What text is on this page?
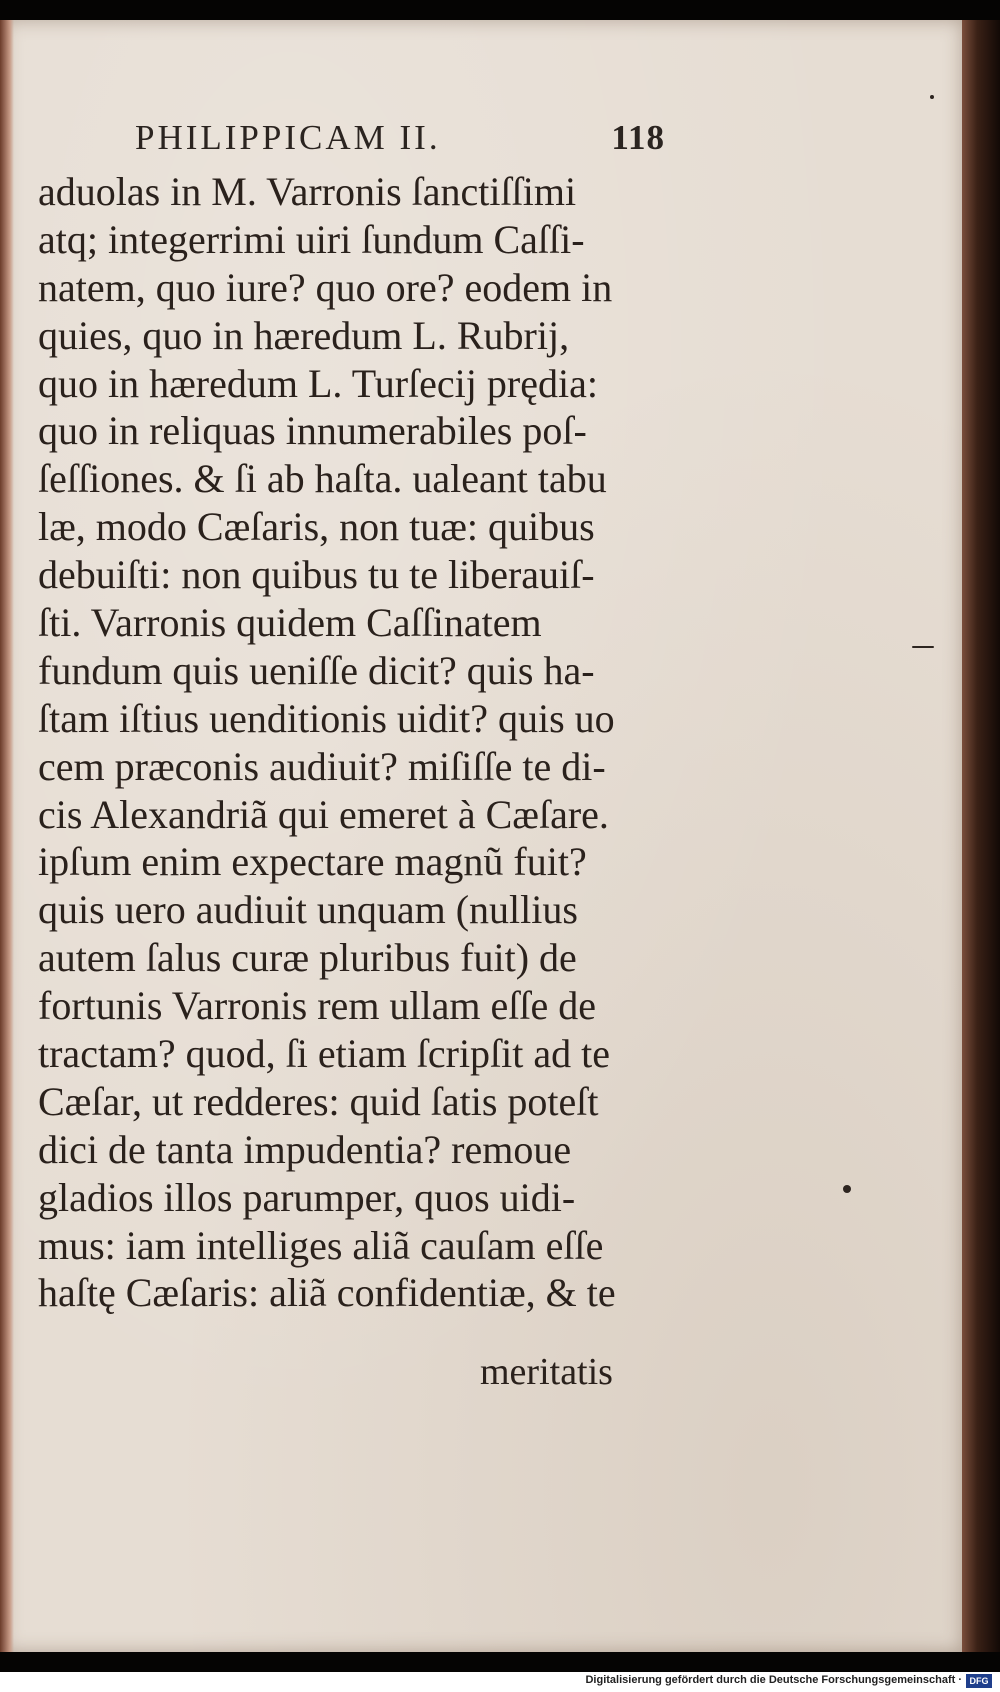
PHILIPPICAM II.	118
aduolas in M. Varronis ſanctiſſimi
atq; integerrimi uiri ſundum Caſſi-
natem, quo iure? quo ore? eodem in
quies, quo in hæredum L. Rubrij,
quo in hæredum L. Turſecij prędia:
quo in reliquas innumerabiles poſ-
ſeſſiones. & ſi ab haſta. ualeant tabu
læ, modo Cæſaris, non tuæ: quibus
debuiſti: non quibus tu te liberauiſ-
ſti. Varronis quidem Caſſinatem
fundum quis ueniſſe dicit? quis ha-
ſtam iſtius uenditionis uidit? quis uo
cem præconis audiuit? miſiſſe te di-
cis Alexandriã qui emeret à Cæſare.
ipſum enim expectare magnũ fuit?
quis uero audiuit unquam (nullius
autem ſalus curæ pluribus fuit) de
fortunis Varronis rem ullam eſſe de
tractam? quod, ſi etiam ſcripſit ad te
Cæſar, ut redderes: quid ſatis poteſt
dici de tanta impudentia? remoue
gladios illos parumper, quos uidi-
mus: iam intelliges aliã cauſam eſſe
haſtę Cæſaris: aliã confidentiæ, & te
meritatis
Digitalisierung gefördert durch die Deutsche Forschungsgemeinschaft · DFG
